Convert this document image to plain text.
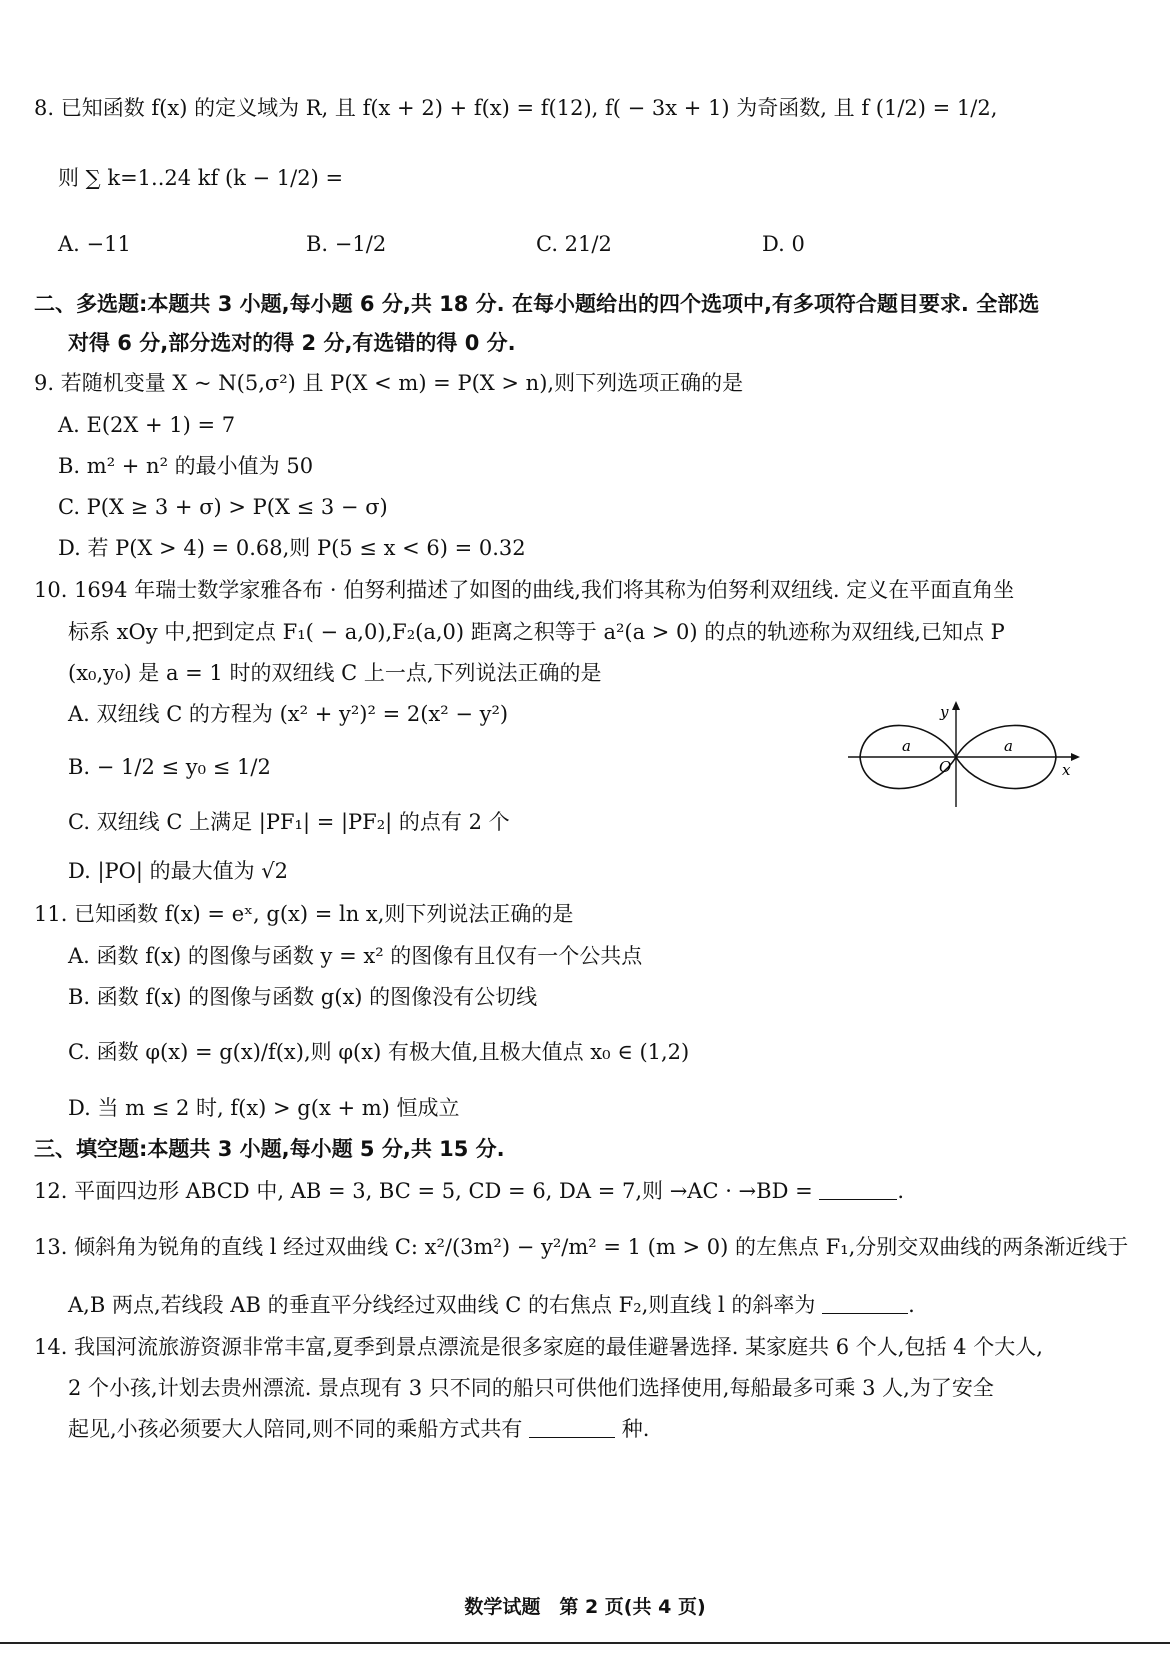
8. 已知函数 f(x) 的定义域为 R, 且 f(x + 2) + f(x) = f(12), f( − 3x + 1) 为奇函数, 且 f (1/2) = 1/2,
则 ∑ k=1..24 kf (k − 1/2) =
A. −11	B. −1/2	C. 21/2	D. 0
二、多选题:本题共 3 小题,每小题 6 分,共 18 分. 在每小题给出的四个选项中,有多项符合题目要求. 全部选
对得 6 分,部分选对的得 2 分,有选错的得 0 分.
9. 若随机变量 X ~ N(5,σ²) 且 P(X < m) = P(X > n),则下列选项正确的是
A. E(2X + 1) = 7
B. m² + n² 的最小值为 50
C. P(X ≥ 3 + σ) > P(X ≤ 3 − σ)
D. 若 P(X > 4) = 0.68,则 P(5 ≤ x < 6) = 0.32
10. 1694 年瑞士数学家雅各布 · 伯努利描述了如图的曲线,我们将其称为伯努利双纽线. 定义在平面直角坐
标系 xOy 中,把到定点 F₁( − a,0),F₂(a,0) 距离之积等于 a²(a > 0) 的点的轨迹称为双纽线,已知点 P
(x₀,y₀) 是 a = 1 时的双纽线 C 上一点,下列说法正确的是
A. 双纽线 C 的方程为 (x² + y²)² = 2(x² − y²)
B. − 1/2 ≤ y₀ ≤ 1/2
C. 双纽线 C 上满足 |PF₁| = |PF₂| 的点有 2 个
D. |PO| 的最大值为 √2
a	a
O	x
y
11. 已知函数 f(x) = eˣ, g(x) = ln x,则下列说法正确的是
A. 函数 f(x) 的图像与函数 y = x² 的图像有且仅有一个公共点
B. 函数 f(x) 的图像与函数 g(x) 的图像没有公切线
C. 函数 φ(x) = g(x)/f(x),则 φ(x) 有极大值,且极大值点 x₀ ∈ (1,2)
D. 当 m ≤ 2 时, f(x) > g(x + m) 恒成立
三、填空题:本题共 3 小题,每小题 5 分,共 15 分.
12. 平面四边形 ABCD 中, AB = 3, BC = 5, CD = 6, DA = 7,则 →AC · →BD =	.
13. 倾斜角为锐角的直线 l 经过双曲线 C: x²/(3m²) − y²/m² = 1 (m > 0) 的左焦点 F₁,分别交双曲线的两条渐近线于
A,B 两点,若线段 AB 的垂直平分线经过双曲线 C 的右焦点 F₂,则直线 l 的斜率为	.
14. 我国河流旅游资源非常丰富,夏季到景点漂流是很多家庭的最佳避暑选择. 某家庭共 6 个人,包括 4 个大人,
2 个小孩,计划去贵州漂流. 景点现有 3 只不同的船只可供他们选择使用,每船最多可乘 3 人,为了安全
起见,小孩必须要大人陪同,则不同的乘船方式共有	种.
数学试题　第 2 页(共 4 页)
